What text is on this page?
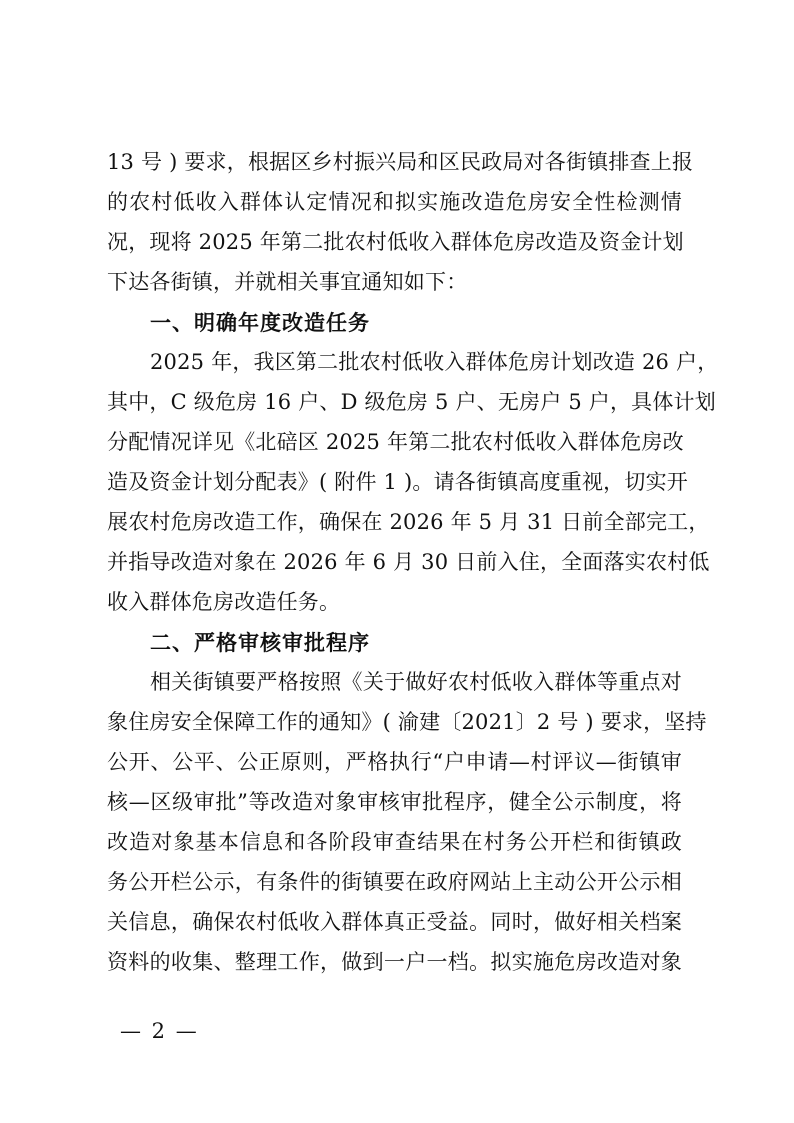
13 号 ) 要求，根据区乡村振兴局和区民政局对各街镇排查上报
的农村低收入群体认定情况和拟实施改造危房安全性检测情
况，现将 2025 年第二批农村低收入群体危房改造及资金计划
下达各街镇，并就相关事宜通知如下：
一、明确年度改造任务
2025 年，我区第二批农村低收入群体危房计划改造 26 户，
其中，C 级危房 16 户、D 级危房 5 户、无房户 5 户，具体计划
分配情况详见《北碚区 2025 年第二批农村低收入群体危房改
造及资金计划分配表》( 附件 1 )。请各街镇高度重视，切实开
展农村危房改造工作，确保在 2026 年 5 月 31 日前全部完工，
并指导改造对象在 2026 年 6 月 30 日前入住，全面落实农村低
收入群体危房改造任务。
二、严格审核审批程序
相关街镇要严格按照《关于做好农村低收入群体等重点对
象住房安全保障工作的通知》( 渝建〔2021〕2 号 ) 要求，坚持
公开、公平、公正原则，严格执行“户申请—村评议—街镇审
核—区级审批”等改造对象审核审批程序，健全公示制度，将
改造对象基本信息和各阶段审查结果在村务公开栏和街镇政
务公开栏公示，有条件的街镇要在政府网站上主动公开公示相
关信息，确保农村低收入群体真正受益。同时，做好相关档案
资料的收集、整理工作，做到一户一档。拟实施危房改造对象
— 2 —
